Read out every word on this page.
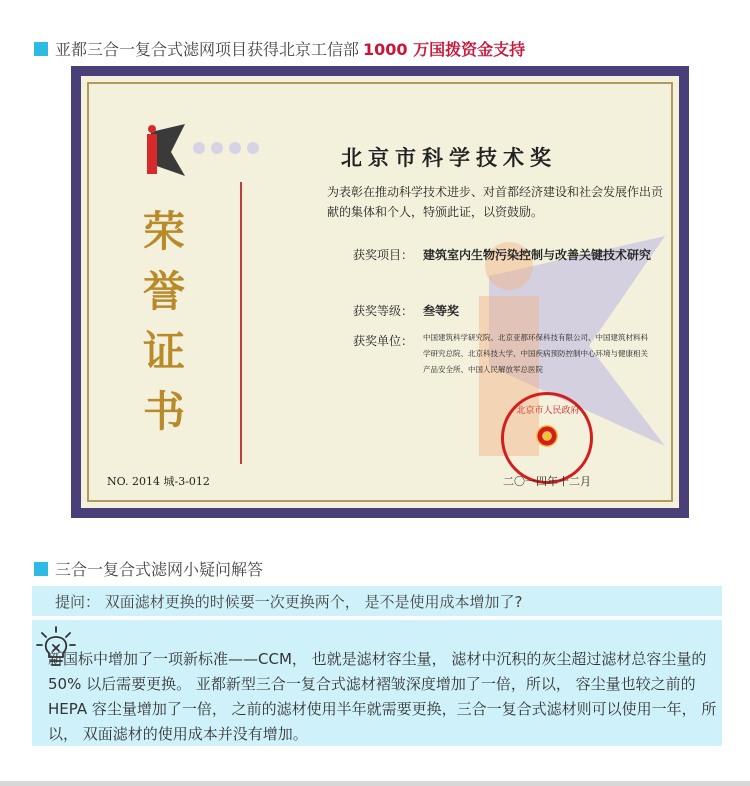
亚都三合一复合式滤网项目获得北京工信部 1000 万国拨资金支持
北京市科学技术奖
荣
誉
证
书
为表彰在推动科学技术进步、对首都经济建设和社会发展作出贡献的集体和个人，特颁此证，以资鼓励。
获奖项目： 建筑室内生物污染控制与改善关键技术研究
获奖等级： 叁等奖
获奖单位： 中国建筑科学研究院、北京亚都环保科技有限公司、中国建筑材料科学研究总院、北京科技大学、中国疾病预防控制中心环境与健康相关产品安全所、中国人民解放军总医院
北京市人民政府
NO. 2014 城-3-012	二〇一四年十二月
三合一复合式滤网小疑问解答
提问： 双面滤材更换的时候要一次更换两个， 是不是使用成本增加了?
新国标中增加了一项新标准——CCM， 也就是滤材容尘量， 滤材中沉积的灰尘超过滤材总容尘量的 50% 以后需要更换。 亚都新型三合一复合式滤材褶皱深度增加了一倍，所以， 容尘量也较之前的 HEPA 容尘量增加了一倍， 之前的滤材使用半年就需要更换，三合一复合式滤材则可以使用一年， 所以， 双面滤材的使用成本并没有增加。
